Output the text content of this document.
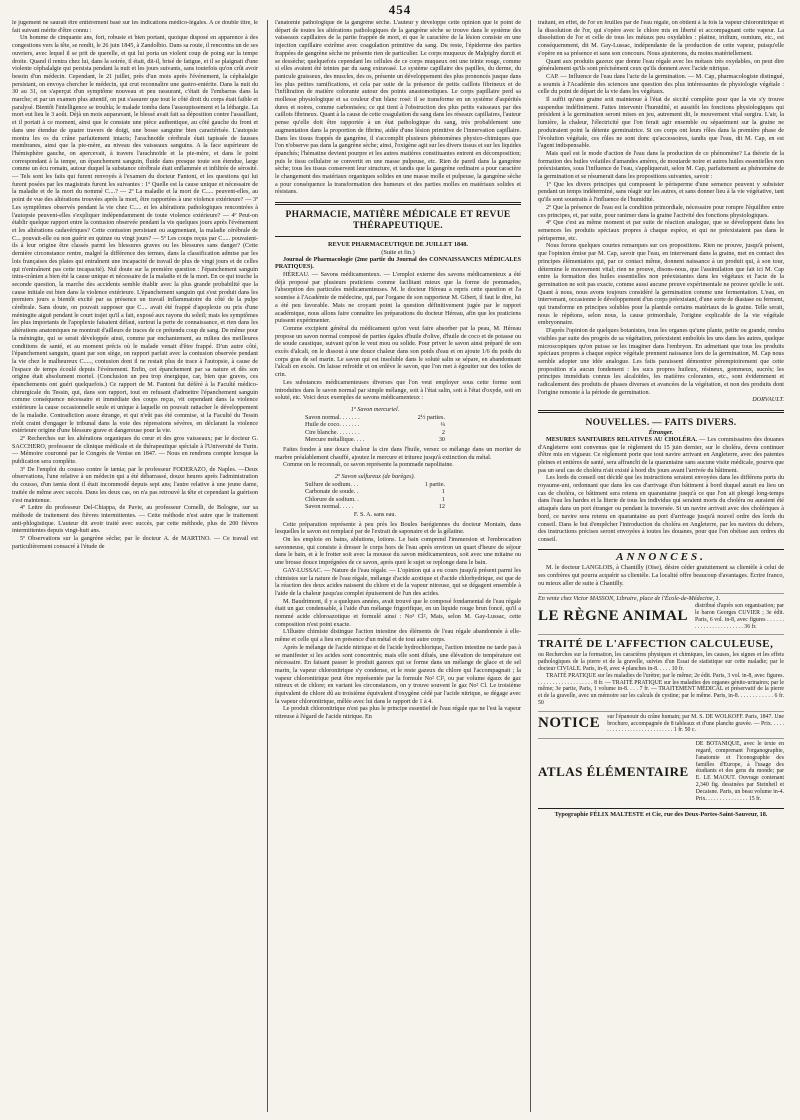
454

le jugement ne saurait être entièrement basé sur les indications médico-légales. A ce double titre, le fait suivant mérite d'être connu :

Un homme de cinquante ans, fort, robuste et bien portant, quoique disposé en apparence à des congestions vers la tête, se rendit, le 26 juin 1845, à Zandolbio. Dans sa route, il rencontra un de ses ouvriers, avec lequel il se prit de querelle, et qui lui porta un violent coup de poing sur la tempe droite. Quand il rentra chez lui, dans la soirée, il était, dit-il, brisé de fatigue, et il se plaignait d'une violente céphalalgie qui persista pendant la nuit et les jours suivants, sans toutefois qu'on crût avoir besoin d'un médecin. Cependant, le 21 juillet, près d'un mois après l'événement, la céphalalgie persistant, on envoya chercher le médecin, qui crut reconnaître une gastro-entérite. Dans la nuit du 30 au 31, on s'aperçut d'un symptôme nouveau et peu rassurant, c'était de l'embarras dans la marche; et par un examen plus attentif, on put s'assurer que tout le côté droit du corps était faible et paralysé. Bientôt l'intelligence se troubla; le malade tomba dans l'assoupissement et la léthargie. La mort eut lieu le 3 août. Déjà un mois auparavant, le blessé avait fait sa déposition contre l'assaillant, et il portait à ce moment, ainsi que le constate une pièce authentique, au côté gauche du front et dans une étendue de quatre travers de doigt, une bosse sanguine bien caractérisée. L'autopsie montra les os du crâne parfaitement intacts; l'arachnoïde cérébrale était tapissée de fausses membranes, ainsi que la pie-mère, au niveau des vaisseaux sanguins. A la face supérieure de l'hémisphère gauche, on apercevait, à travers l'arachnoïde et la pie-mère, et dans le point correspondant à la tempe, un épanchement sanguin, fluide dans presque toute son étendue, large comme un écu romain, autour duquel la substance cérébrale était enflammée et infiltrée de sérosité. — Tels sont les faits qui furent renvoyés à l'examen du docteur Fantoni, et les questions qui lui furent posées par les magistrats furent les suivantes : 1º Quelle est la cause unique et nécessaire de la maladie et de la mort du nommé C....? — 2º La maladie et la mort de C..... peuvent-elles, au point de vue des altérations trouvées après la mort, être rapportées à une violence extérieure? — 3º Les symptômes observés pendant la vie chez C..... et les altérations pathologiques rencontrées à l'autopsie peuvent-elles s'expliquer indépendamment de toute violence extérieure? — 4º Peut-on établir quelque rapport entre la contusion observée pendant la vie quelques jours après l'événement et les altérations cadavériques? Cette contusion persistant ou augmentant, la maladie cérébrale de C... pouvait-elle ou non guérir en quinze ou vingt jours? — 5º Les coups reçus par C..... pouvaient-ils à leur origine être classés parmi les blessures graves ou les blessures sans danger? (Cette dernière circonstance rentre, malgré la différence des termes, dans la classification admise par les lois françaises des plaies qui entraînent une incapacité de travail de plus de vingt jours et de celles qui n'entraînent pas cette incapacité). Nul doute sur la première question : l'épanchement sanguin intra-crânien a bien été la cause unique et nécessaire de la maladie et de la mort. En ce qui touche la seconde question, la marche des accidents semble établir avec la plus grande probabilité que la cause initiale est bien dans la violence extérieure. L'épanchement sanguin qui s'est produit dans les premiers jours a bientôt excité par sa présence un travail inflammatoire du côté de la pulpe cérébrale. Sans doute, on pouvait supposer que C.... avait été frappé d'apoplexie ou pris d'une méningite aiguë pendant le court trajet qu'il a fait, exposé aux rayons du soleil; mais les symptômes les plus importants de l'apoplexie faisaient défaut, surtout la perte de connaissance, et rien dans les altérations anatomiques ne montrait d'ailleurs de traces de ce prétendu coup de sang. De même pour la méningite, qui se serait développée ainsi, comme par enchantement, au milieu des meilleures conditions de santé, et au moment précis où le malade venait d'être frappé. D'un autre côté, l'épanchement sanguin, quant par son siège, on rapport parfait avec la contusion observée pendant la vie chez le malheureux C....., contusion dont il ne restait plus de trace à l'autopsie, à cause de l'espace de temps écoulé depuis l'événement. Enfin, cet épanchement par sa nature et dès son origine était absolument mortel. (Conclusion un peu trop énergique, car, bien que graves, ces épanchements ont guéri quelquefois.) Ce rapport de M. Fantoni fut déféré à la Faculté médico-chirurgicale du Tessin, qui, dans son rapport, tout en refusant d'admettre l'épanchement sanguin comme conséquence nécessaire et immédiate des coups reçus, vit cependant dans la violence extérieure la cause occasionnelle seule et unique à laquelle on pouvait rattacher le développement de la maladie. Contradiction assez étrange, et qui n'eût pas été commise, si la Faculté du Tessin n'eût craint d'engager le tribunal dans la voie des répressions sévères, en déclarant la violence extérieure origine d'une blessure grave et dangereuse pour la vie.

2º Recherches sur les altérations organiques du cœur et des gros vaisseaux; par le docteur G. SACCHERO, professeur de clinique médicale et de thérapeutique spéciale à l'Université de Turin. — Mémoire couronné par le Congrès de Venise en 1847. — Nous en rendrons compte lorsque la publication sera complète.

3º De l'emploi du cousso contre le tænia; par le professeur FODERAZO, de Naples. —Deux observations, l'une relative à un médecin qui a été débarrassé, douze heures après l'administration du cousso, d'un tænia dont il était incommodé depuis sept ans; l'autre relative à une jeune dame, traitée de même avec succès. Dans les deux cas, on n'a pas retrouvé la tête et cependant la guérison s'est maintenue.

4º Lettre du professeur Del-Chiappa, de Pavie, au professeur Comelli, de Bologne, sur sa méthode de traitement des fièvres intermittentes. — Cette méthode n'est autre que le traitement anti-phlogistique. L'auteur dit avoir traité avec succès, par cette méthode, plus de 200 fièvres intermittentes depuis vingt-huit ans.

5º Observations sur la gangrène sèche; par le docteur A. de MARTINO. — Ce travail est particulièrement consacré à l'étude de

l'anatomie pathologique de la gangrène sèche. L'auteur y développe cette opinion que le point de départ de toutes les altérations pathologiques de la gangrène sèche se trouve dans le système des vaisseaux capillaires de la partie frappée de mort, et que le caractère de la lésion consiste en une injection capillaire extrême avec coagulation primitive du sang. Du reste, l'épiderme des parties frappées de gangrène sèche ne présente rien de particulier. Le corps muqueux de Malpighy durcit et se dessèche; quelquefois cependant les cellules de ce corps muqueux ont une teinte rouge, comme si elles avaient été teintes par du sang extravasé. Le système capillaire des papilles, du derme, du panicule graisseux, des muscles, des os, présente un développement des plus prononcés jusque dans les plus petites ramifications, et cela par suite de la présence de petits caillots fibrineux et de l'infiltration de matière colorante autour des points anastomotiques. Le corps papillaire perd sa mollesse physiologique et sa couleur d'un blanc rosé: il se transforme en un système d'aspérités dures et noires, comme carbonisées; ce qui tient à l'obstruction des plus petits vaisseaux par des caillots fibrineux. Quant à la cause de cette coagulation du sang dans les réseaux capillaires, l'auteur pense qu'elle doit être rapportée à un état pathologique du sang, très probablement une augmentation dans la proportion de fibrine, aidée d'une lésion primitive de l'innervation capillaire. Dans les tissus frappés de gangrène, il s'accomplit plusieurs phénomènes physico-chimiques que l'on n'observe pas dans la gangrène sèche; ainsi, l'oxigène agit sur les divers tissus et sur les liquides épanchés; l'hématine devient pourpre et les autres matières constituantes entrent en décomposition; puis le tissu cellulaire se convertit en une masse pulpeuse, etc. Rien de pareil dans la gangrène sèche; tous les tissus conservent leur structure, et tandis que la gangrène ordinaire a pour caractère le changement des matériaux organiques solides en une masse molle et pulpeuse, la gangrène sèche a pour conséquence la transformation des humeurs et des parties molles en matériaux solides et résistans.

PHARMACIE, MATIÈRE MÉDICALE ET REVUE THÉRAPEUTIQUE.

REVUE PHARMACEUTIQUE DE JUILLET 1848.

(Suite et fin.)

Journal de Pharmacologie (2me partie du Journal des CONNAISSANCES MÉDICALES PRATIQUES).

HÉREAU. — Savons médicamenteux. — L'emploi externe des savons médicamenteux a été déjà proposé par plusieurs praticiens comme facilitant mieux que la forme de pommades, l'absorption des particules médicamenteuses. M. le docteur Héreau a repris cette question et l'a soumise à l'Académie de médecine, qui, par l'organe de son rapporteur M. Gibert, il faut le dire, lui a été peu favorable. Mais ne croyant point la question définitivement jugée par le rapport académique, nous allons faire connaître les préparations du docteur Héreau, afin que les praticiens puissent expérimenter.

Comme excipient général du médicament qu'on veut faire absorber par la peau, M. Héreau propose un savon normal composé de parties égales d'huile d'olive, d'huile de coco et de potasse ou de soude caustique, suivant qu'on le veut mou ou solide. Pour priver le savon ainsi préparé de son excès d'alcali, on le dissout à une douce chaleur dans son poids d'eau et on ajoute 1/6 du poids du corps gras de sel marin. Le savon qui est insoluble dans le soluté salin se sépare, en abandonnant l'alcali en excès. On laisse refroidir et on enlève le savon, que l'on met à égoutter sur des toiles de crin.

Les substances médicamenteuses diverses que l'on veut employer sous cette forme sont introduites dans le savon normal par simple mélange, soit à l'état salin, soit à l'état d'oxyde, soit en soluté, etc. Voici deux exemples de savons médicamenteux :

1º Savon mercuriel.
Savon normal. . . . . . .	2½ parties.
Huile de coco. . . . . . .	¼
Cire blanche. . . . . . . .	2
Mercure métallique. . . .	30

Faites fondre à une douce chaleur la cire dans l'huile, versez ce mélange dans un mortier de marbre préalablement chauffé, ajoutez le mercure et triturez jusqu'à extinction du métal.

Comme on le reconnaît, ce savon représente la pommade napolitaine.

2º Savon sulfureux (de barèges).
Sulfure de sodium. . .	1 partie.
Carbonate de soude. .	1
Chlorure de sodium. .	1
Savon normal. . . . .	12
F. S. A. sans eau.

Cette préparation représente à peu près les Boules barégiennes du docteur Montain, dans lesquelles le savon est remplacé par de l'extrait de saponaire et de la gélatine.

On les emploie en bains, ablutions, lotions. Le bain comprend l'immersion et l'embrocation savonneuse, qui consiste à dresser le corps hors de l'eau après environ un quart d'heure de séjour dans le bain, et à le frotter soit avec la mousse du savon médicamenteux, soit avec une mitaine ou une brosse douce imprégnées de ce savon, après quoi le sujet se replonge dans le bain.

GAY-LUSSAC. — Nature de l'eau régale. — L'opinion qui a eu cours jusqu'à présent parmi les chimistes sur la nature de l'eau régale, mélange d'acide azotique et d'acide chlorhydrique, est que de la réaction des deux acides naissent du chlore et de la vapeur nitreuse, qui se dégagent ensemble à l'aide de la chaleur jusqu'au complet épuisement de l'un des acides.

M. Baudrimont, il y a quelques années, avait trouvé que le composé fondamental de l'eau régale était un gaz condensable, à l'aide d'un mélange frigorifique, en un liquide rouge brun foncé, qu'il a nommé acide chloroazotique et formulé ainsi : No³ Cl², Mais, selon M. Gay-Lussac, cette composition n'est point exacte.

L'illustre chimiste distingue l'action intestine des éléments de l'eau régale abandonnée à elle-même et celle qui a lieu en présence d'un métal et de tout autre corps.

Après le mélange de l'acide nitrique et de l'acide hydrochlorique, l'action intestine ne tarde pas à se manifester si les acides sont concentrés; mais elle sont dilués, une élévation de température est nécessaire. En faisant passer le produit gazeux qui se forme dans un mélange de glace et de sel marin, la vapeur chloronitrique s'y condense, et le reste gazeux du chlore qui l'accompagnait ; la vapeur chloronitrique peut être représentée par la formule No² Cl², ou par volume égaux de gaz nitreux et de chlore; en variant les circonstances, on y trouve souvent le gaz No² Cl. Le troisième équivalent de chlore dû au troisième équivalent d'oxygène cédé par l'acide nitrique, se dégage avec la vapeur chloronitrique, mêlée avec lui dans le rapport de 1 à 4.

Le produit chloronitrique n'est pas plus le principe essentiel de l'eau régale que ne l'est la vapeur nitreuse à l'égard de l'acide nitrique. En

traitant, en effet, de l'or en feuilles par de l'eau régale, on obtient à la fois la vapeur chloronitrique et la dissolution de l'or, qui s'opère avec le chlore mis en liberté et accompagnant cette vapeur. La dissolution de l'or et celle de tous les métaux peu oxydables : platine, iridium, osmium, etc., est conséquemment, dit M. Gay-Lussac, indépendante de la production de cette vapeur, puisqu'elle s'opère en sa présence et sans son concours. Nous ajouterons, du moins matériellement.

Quant aux produits gazeux que donne l'eau régale avec les métaux très oxydables, on peut dire généralement qu'ils sont précisément ceux qu'ils donnent avec l'acide nitrique.

CAP. — Influence de l'eau dans l'acte de la germination. — M. Cap, pharmacologiste distingué, a soumis à l'Académie des sciences une question des plus intéressantes de physiologie végétale : celle du point de départ de la vie dans les végétaux.

Il suffit qu'une graine soit maintenue à l'état de siccité complète pour que la vie s'y trouve suspendue indéfiniment. Faites intervenir l'humidité, et aussitôt les fonctions physiologiques qui président à la germination seront mises en jeu, autrement dit, le mouvement vital surgira. L'air, la lumière, la chaleur, l'électricité que l'on ferait agir ensemble ou séparément sur la graine ne produiraient point la détente germinatrice. Si ces corps ont leurs rôles dans la première phase de l'évolution végétale, ces rôles ne sont donc qu'accessoires, tandis que l'eau, dit M. Cap, en est l'agent indispensable.

Mais quel est le mode d'action de l'eau dans la production de ce phénomène? La théorie de la formation des huiles volatiles d'amandes amères, de moutarde noire et autres huiles essentielles non préexistantes, sous l'influence de l'eau, s'appliquerait, selon M. Cap, parfaitement au phénomène de la germination et se résumerait dans les propositions suivantes, savoir :

1º Que les divers principes qui composent le périsperme d'une semence peuvent y subsister pendant un temps indéterminé, sans réagir sur les autres, et sans donner lieu à la vie végétative, tant qu'ils sont soustraits à l'influence de l'humidité.

2º Que la présence de l'eau est la condition primordiale, nécessaire pour rompre l'équilibre entre ces principes, et, par suite, pour ranimer dans la graine l'activité des fonctions physiologiques.

4º Que c'est au même moment et par suite de réaction analogue, que se développent dans les semences les produits spéciaux propres à chaque espèce, et qui ne préexistaient pas dans le périsperme, etc.

Nous ferons quelques courtes remarques sur ces propositions. Rien ne prouve, jusqu'à présent, que l'opinion émise par M. Cap, savoir que l'eau, en intervenant dans la graine, met en contact des principes élémentaires qui, par ce contact même, donnent naissance à un produit qui, à son tour, détermine le mouvement vital; rien ne prouve, disons-nous, que l'assimilation que fait ici M. Cap entre la formation des huiles essentielles non préexistantes dans les végétaux et l'acte de la germination ne soit pas exacte, comme aussi aucune preuve expérimentale ne prouve qu'elle le soit. Quant à nous, nous avons toujours considéré la germination comme une fermentation. L'eau, en intervenant, occasionne le développement d'un corps préexistant, d'une sorte de diastase ou ferment, qui transforme en principes solubles pour la plantule certains matériaux de la graine. Telle serait, nous le répétons, selon nous, la cause primordiale, l'origine explicable de la vie végétale embryonnaire.

D'après l'opinion de quelques botanistes, tous les organes qu'une plante, petite ou grande, rendra visibles par suite des progrès de sa végétation, préexistent emboîtés les uns dans les autres, quelque microscopiques qu'on puisse se les imaginer dans l'embryon. En admettant que tous les produits spéciaux propres à chaque espèce végétale prennent naissance lors de la germination, M. Cap nous semble adopter une idée analogue. Les faits paraissent démontrer péremptoirement que cette proposition n'a aucun fondement : les sucs propres huileux, résineux, gommeux, sucrés; les principes immédiats connus les alcaloïdes, les matières colorantes, etc., sont évidemment et radicalement des produits de phases diverses et avancées de la végétation, et non des produits dont l'origine remonte à la période de germination.

DORVAULT.

NOUVELLES. — FAITS DIVERS.

Étranger.

MESURES SANITAIRES RELATIVES AU CHOLÉRA. — Les commissaires des douanes d'Angleterre sont convenus que le règlement du 15 juin dernier, sur le choléra, devra continuer d'être mis en vigueur. Ce règlement porte que tout navire arrivant en Angleterre, avec des patentes pleines et entières de santé, sera affranchi de la quarantaine sans aucune visite médicale, pourvu que pas un seul cas de choléra n'ait existé à bord dix jours avant l'arrivée du bâtiment.

Les lords du conseil ont décidé que les instructions seraient envoyées dans les différens ports du royaume-uni, ordonnant que dans les cas d'arrivage d'un bâtiment à bord duquel aurait eu lieu un cas de choléra, ce bâtiment sera retenu en quarantaine jusqu'à ce que l'on ait plongé long-temps dans l'eau les hardes et la literie de tous les individus qui seraient morts du choléra ou auraient été attaqués dans un port étranger ou pendant la traversée. Si un navire arrivait avec des cholériques à bord, ce navire sera retenu en quarantaine au port d'arrivage jusqu'à nouvel ordre des lords du conseil. Dans le but d'empêcher l'introduction du choléra en Angleterre, par les navires du dehors, des instructions précises seront envoyées à toutes les douanes, pour que l'on obéisse aux ordres du conseil.

ANNONCES.

M. le docteur LANGLOIS, à Chantilly (Oise), désire céder gratuitement sa clientèle à celui de ses confrères qui pourra acquérir sa clientèle. La localité offre beaucoup d'avantages. Écrire franco, ou mieux aller de suite à Chantilly.

En vente chez Victor MASSON, Libraire, place de l'École-de-Médecine, 1.

LE RÈGNE ANIMAL
distribué d'après son organisation; par le baron Georges CUVIER ; 3e édit. Paris, 6 vol. in-8, avec figures . . . . . . . . . . . . . . . . . . . . . . . 36 fr.
TRAITÉ DE L'AFFECTION CALCULEUSE,

ou Recherches sur la formation, les caractères physiques et chimiques, les causes, les signes et les effets pathologiques de la pierre et de la gravelle, suivies d'un Essai de statistique sur cette maladie; par le docteur CIVIALE. Paris, in-8, avec 4 planches in-8. . . . . 10 fr.

TRAITÉ PRATIQUE sur les maladies de l'urètre; par le même; 2e édit. Paris, 3 vol. in-8, avec figures. . . . . . . . . . . . . . . . . . . . 8 fr. — TRAITÉ PRATIQUE sur les maladies des organes génito-urinaires; par le même; 3e partie, Paris, 1 volume in-8. . . . 7 fr. — TRAITEMENT MÉDICAL et préservatif de la pierre et de la gravelle, avec un mémoire sur les calculs de cystine; par le même. Paris, in-8. . . . . . . . . . . . 6 fr. 50

NOTICE sur l'épanouir du crâne humain; par M. S. DE WOLKOFF. Paris, 1847. Une brochure, accompagnée de 8 tableaux et d'une planche gravée. — Prix. . . . . . . . . . . . . . . . . . . . . . . . . . . . 1 fr. 50 c.
ATLAS ÉLÉMENTAIRE
DE BOTANIQUE, avec le texte en regard, comprenant l'organographie, l'anatomie et l'iconographie des familles d'Europe, à l'usage des étudiants et des gens du monde; par E. LE MAOUT. Ouvrage contenant 2,340 fig. dessinées par Steinheil et Decaisne. Paris, un beau volume in-4. Prix. . . . . . . . . . . . . . . 15 fr.
Typographie FÉLIX MALTESTE et Cie, rue des Deux-Portes-Saint-Sauveur, 18.
